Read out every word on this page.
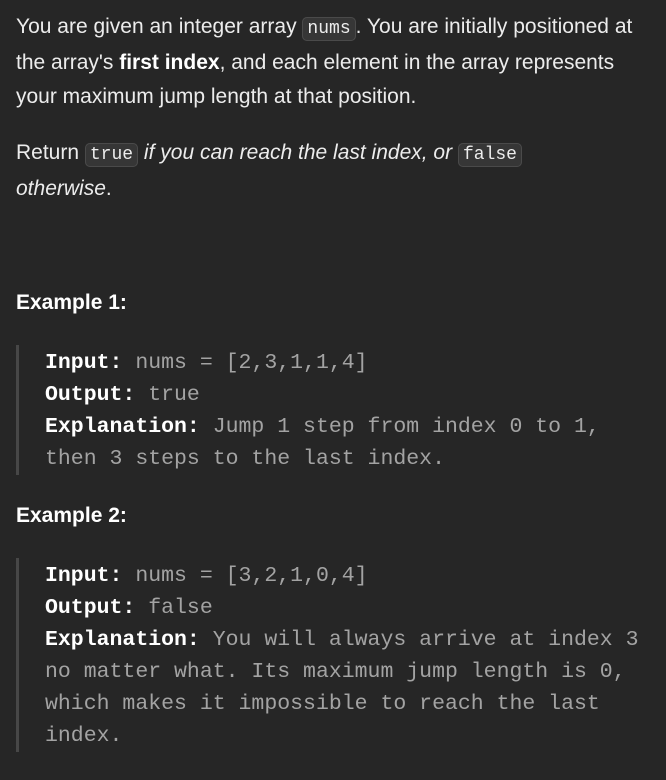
You are given an integer array nums . You are initially positioned at the array's first index, and each element in the array represents your maximum jump length at that position.

Return true if you can reach the last index, or false
otherwise.

Example 1:

Input: nums = [2,3,1,1,4]
Output: true
Explanation: Jump 1 step from index 0 to 1, then 3 steps to the last index.

Example 2:

Input: nums = [3,2,1,0,4]
Output: false
Explanation: You will always arrive at index 3 no matter what. Its maximum jump length is 0, which makes it impossible to reach the last index.
